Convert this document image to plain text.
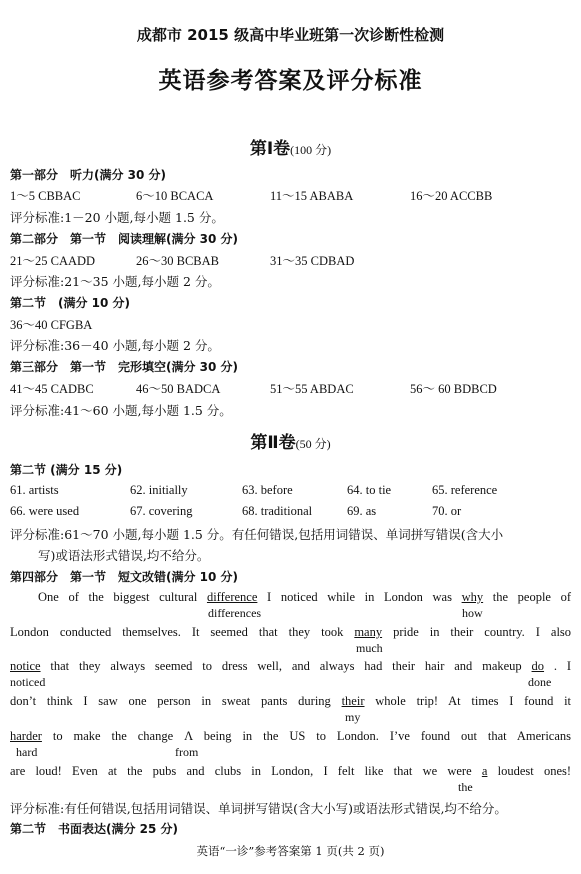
成都市 2015 级高中毕业班第一次诊断性检测
英语参考答案及评分标准
第Ⅰ卷(100 分)
第一部分　听力(满分 30 分)
1～5 CBBAC	6～10 BCACA	11～15 ABABA	16～20 ACCBB
评分标准:1－20 小题,每小题 1.5 分。
第二部分　第一节　阅读理解(满分 30 分)
21～25 CAADD	26～30 BCBAB	31～35 CDBAD
评分标准:21～35 小题,每小题 2 分。
第二节　(满分 10 分)
36～40 CFGBA
评分标准:36－40 小题,每小题 2 分。
第三部分　第一节　完形填空(满分 30 分)
41～45 CADBC	46～50 BADCA	51～55 ABDAC	56～ 60 BDBCD
评分标准:41～60 小题,每小题 1.5 分。
第Ⅱ卷(50 分)
第二节 (满分 15 分)
61. artists	62. initially	63. before	64. to tie	65. reference
66. were used	67. covering	68. traditional	69. as	70. or
评分标准:61～70 小题,每小题 1.5 分。有任何错误,包括用词错误、单词拼写错误(含大小
写)或语法形式错误,均不给分。
第四部分　第一节　短文改错(满分 10 分)
One of the biggest cultural difference I noticed while in London was why the people of
differences	how
London conducted themselves. It seemed that they took many pride in their country. I also
much
notice that they always seemed to dress well, and always had their hair and makeup do . I
noticed	done
don’t think I saw one person in sweat pants during their whole trip! At times I found it
my
harder to make the change Λ being in the US to London. I’ve found out that Americans
hard	from
are loud! Even at the pubs and clubs in London, I felt like that we were a loudest ones!
the
评分标准:有任何错误,包括用词错误、单词拼写错误(含大小写)或语法形式错误,均不给分。
第二节　书面表达(满分 25 分)
英语“一诊”参考答案第 1 页(共 2 页)
